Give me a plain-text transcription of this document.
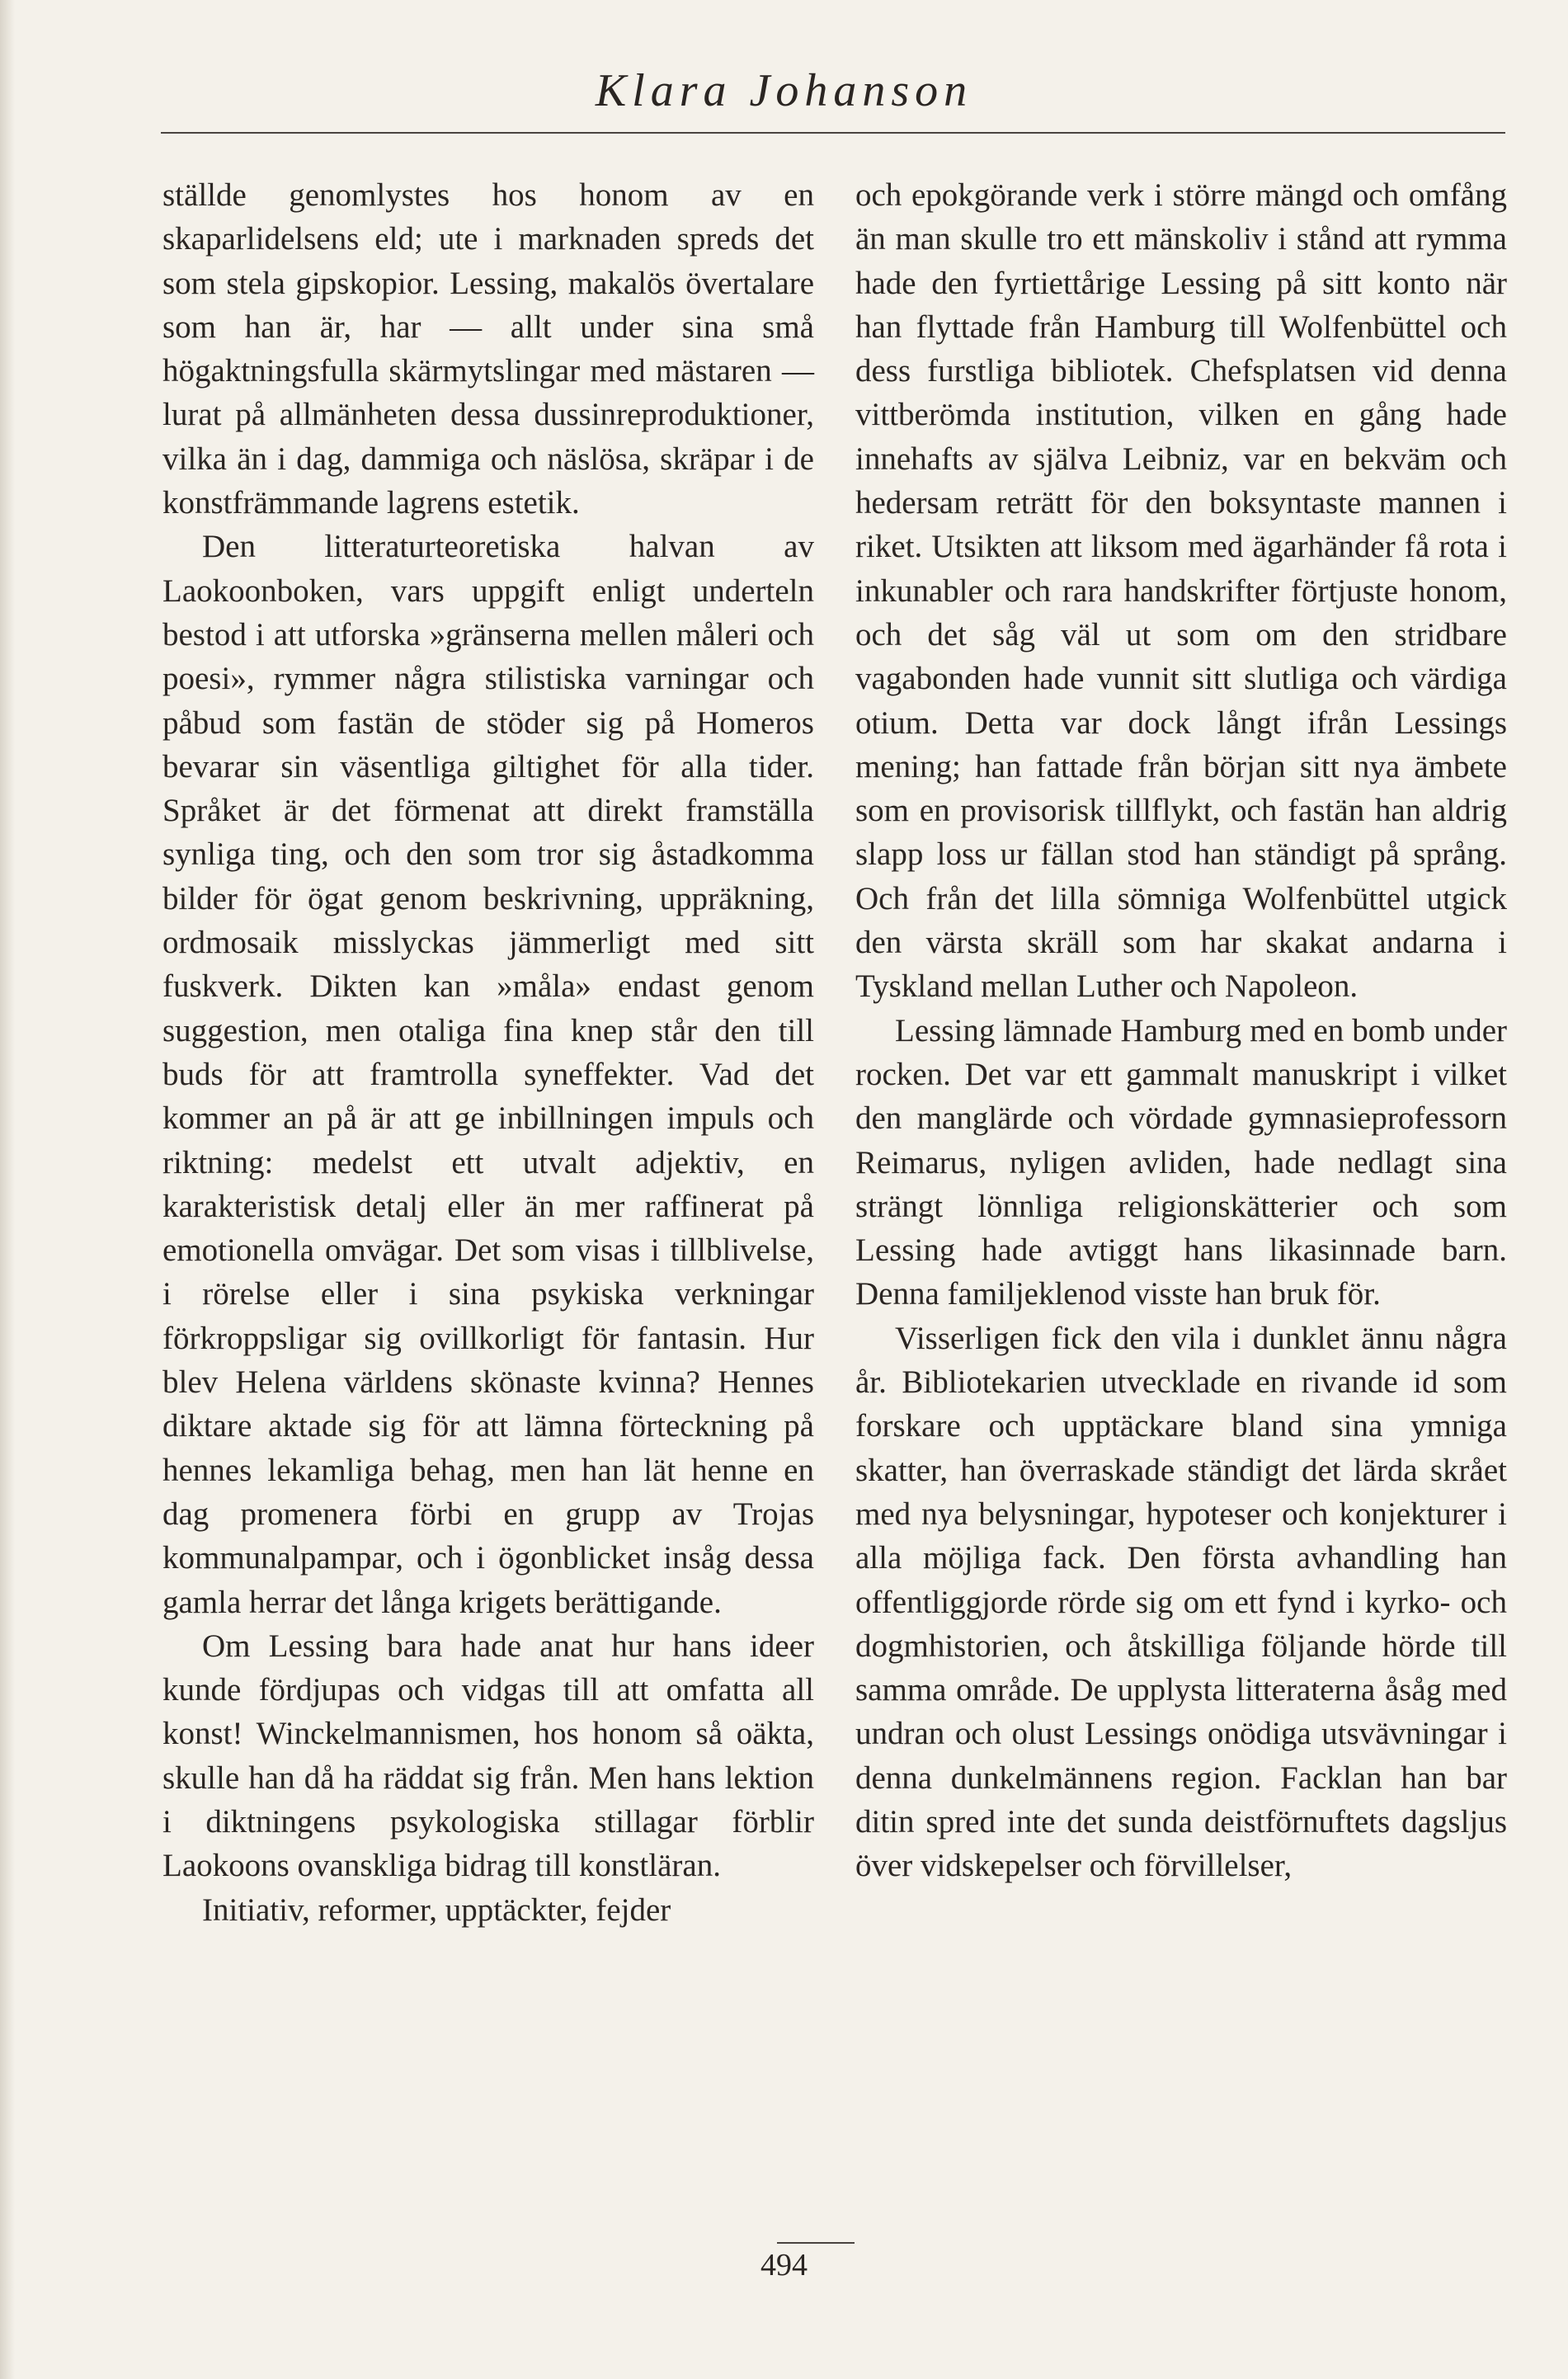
Klara Johanson

ställde genomlystes hos honom av en skaparlidelsens eld; ute i marknaden spreds det som stela gipskopior. Lessing, makalös övertalare som han är, har — allt under sina små högaktningsfulla skärmytslingar med mästaren — lurat på allmänheten dessa dussinreproduktioner, vilka än i dag, dammiga och näslösa, skräpar i de konstfrämmande lagrens estetik.

Den litteraturteoretiska halvan av Laokoonboken, vars uppgift enligt underteln bestod i att utforska »gränserna mellen måleri och poesi», rymmer några stilistiska varningar och påbud som fastän de stöder sig på Homeros bevarar sin väsentliga giltighet för alla tider. Språket är det förmenat att direkt framställa synliga ting, och den som tror sig åstadkomma bilder för ögat genom beskrivning, uppräkning, ordmosaik misslyckas jämmerligt med sitt fuskverk. Dikten kan »måla» endast genom suggestion, men otaliga fina knep står den till buds för att framtrolla syneffekter. Vad det kommer an på är att ge inbillningen impuls och riktning: medelst ett utvalt adjektiv, en karakteristisk detalj eller än mer raffinerat på emotionella omvägar. Det som visas i tillblivelse, i rörelse eller i sina psykiska verkningar förkroppsligar sig ovillkorligt för fantasin. Hur blev Helena världens skönaste kvinna? Hennes diktare aktade sig för att lämna förteckning på hennes lekamliga behag, men han lät henne en dag promenera förbi en grupp av Trojas kommunalpampar, och i ögonblicket insåg dessa gamla herrar det långa krigets berättigande.

Om Lessing bara hade anat hur hans ideer kunde fördjupas och vidgas till att omfatta all konst! Winckelmannismen, hos honom så oäkta, skulle han då ha räddat sig från. Men hans lektion i diktningens psykologiska stillagar förblir Laokoons ovanskliga bidrag till konstläran.

Initiativ, reformer, upptäckter, fejder

och epokgörande verk i större mängd och omfång än man skulle tro ett mänskoliv i stånd att rymma hade den fyrtiettårige Lessing på sitt konto när han flyttade från Hamburg till Wolfenbüttel och dess furstliga bibliotek. Chefsplatsen vid denna vittberömda institution, vilken en gång hade innehafts av själva Leibniz, var en bekväm och hedersam reträtt för den boksyntaste mannen i riket. Utsikten att liksom med ägarhänder få rota i inkunabler och rara handskrifter förtjuste honom, och det såg väl ut som om den stridbare vagabonden hade vunnit sitt slutliga och värdiga otium. Detta var dock långt ifrån Lessings mening; han fattade från början sitt nya ämbete som en provisorisk tillflykt, och fastän han aldrig slapp loss ur fällan stod han ständigt på språng. Och från det lilla sömniga Wolfenbüttel utgick den värsta skräll som har skakat andarna i Tyskland mellan Luther och Napoleon.

Lessing lämnade Hamburg med en bomb under rocken. Det var ett gammalt manuskript i vilket den manglärde och vördade gymnasieprofessorn Reimarus, nyligen avliden, hade nedlagt sina strängt lönnliga religionskätterier och som Lessing hade avtiggt hans likasinnade barn. Denna familjeklenod visste han bruk för.

Visserligen fick den vila i dunklet ännu några år. Bibliotekarien utvecklade en rivande id som forskare och upptäckare bland sina ymniga skatter, han överraskade ständigt det lärda skrået med nya belysningar, hypoteser och konjekturer i alla möjliga fack. Den första avhandling han offentliggjorde rörde sig om ett fynd i kyrko- och dogmhistorien, och åtskilliga följande hörde till samma område. De upplysta litteraterna åsåg med undran och olust Lessings onödiga utsvävningar i denna dunkelmännens region. Facklan han bar ditin spred inte det sunda deistförnuftets dagsljus över vidskepelser och förvillelser,

494
